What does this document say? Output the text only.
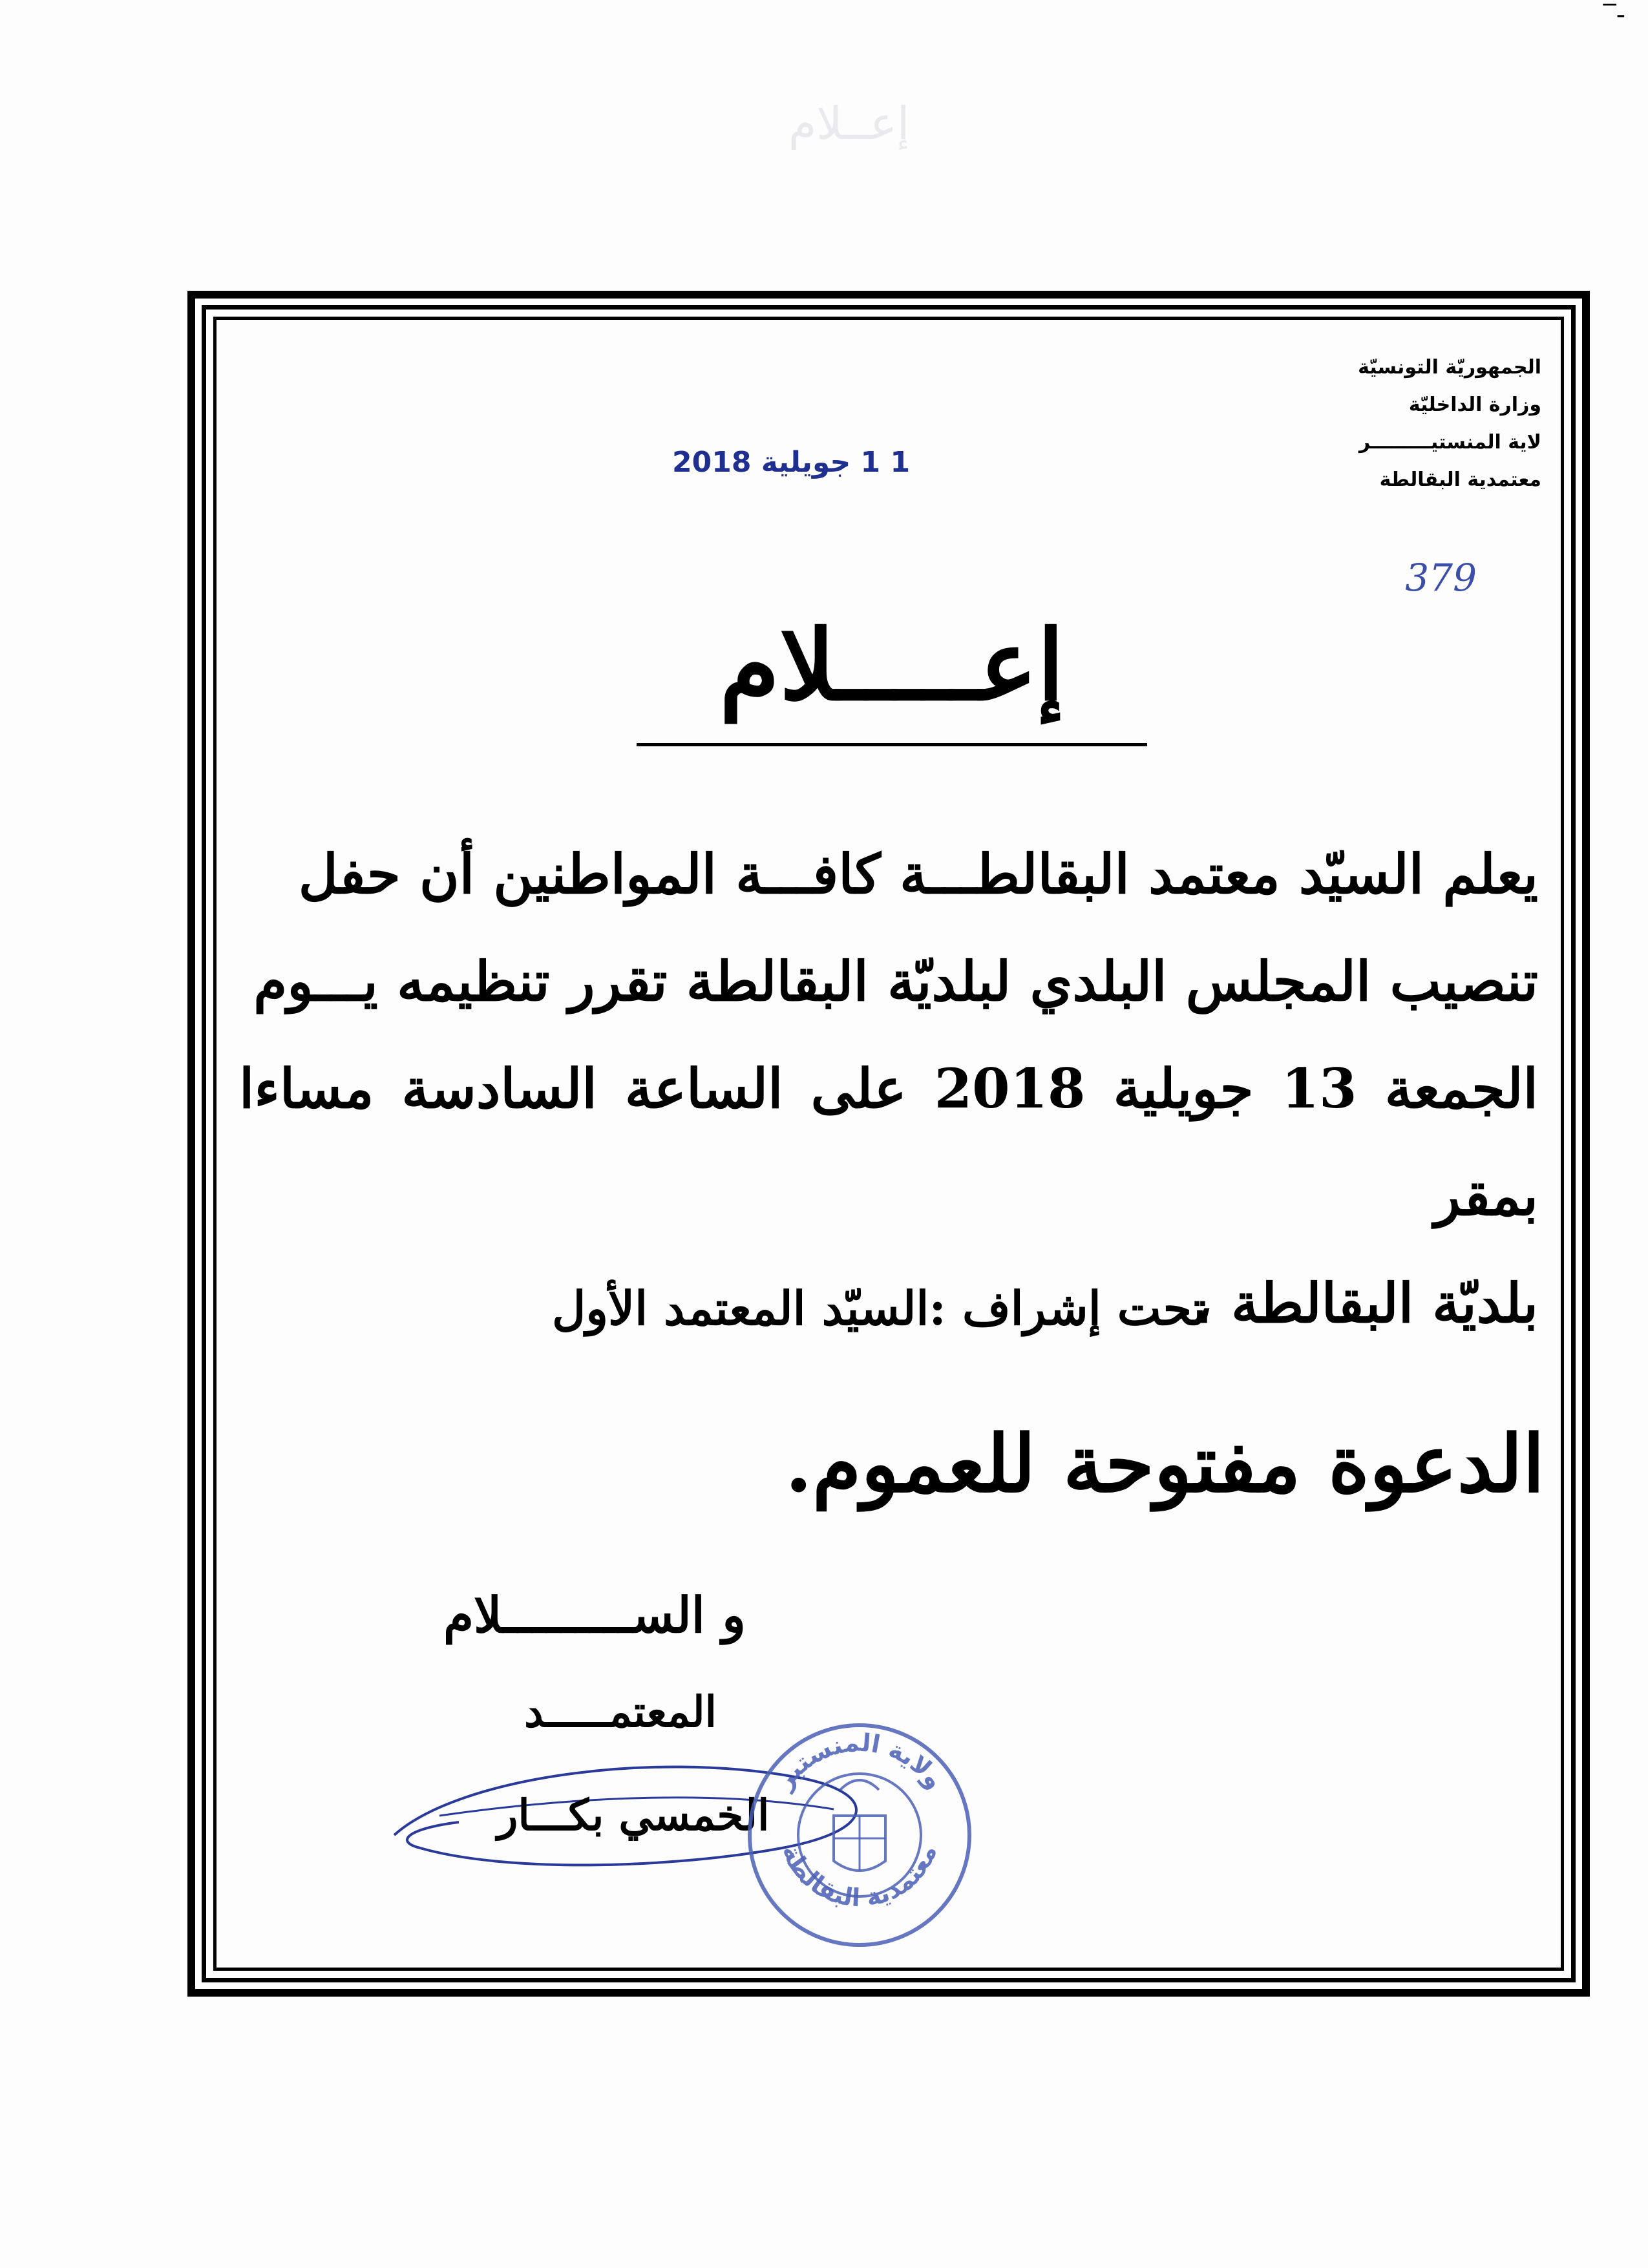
إعــلام
‾-
الجمهوريّة التونسيّة
وزارة الداخليّة
لاية المنستيـــــــــر
معتمدية البقالطة
379
1 1 جويلية 2018
إعـــــلام
يعلم السيّد معتمد البقالطـــة كافـــة المواطنين أن حفل
تنصيب المجلس البلدي لبلديّة البقالطة تقرر تنظيمه يـــوم
الجمعة 13 جويلية 2018 على الساعة السادسة مساءا بمقر
بلديّة البقالطة ،
تحت إشراف :السيّد المعتمد الأول
الدعوة مفتوحة للعموم.
و الســـــــــلام
المعتمـــــد
الخمسي بكـــار
ولاية المنستير
معتمدية البقالطة
